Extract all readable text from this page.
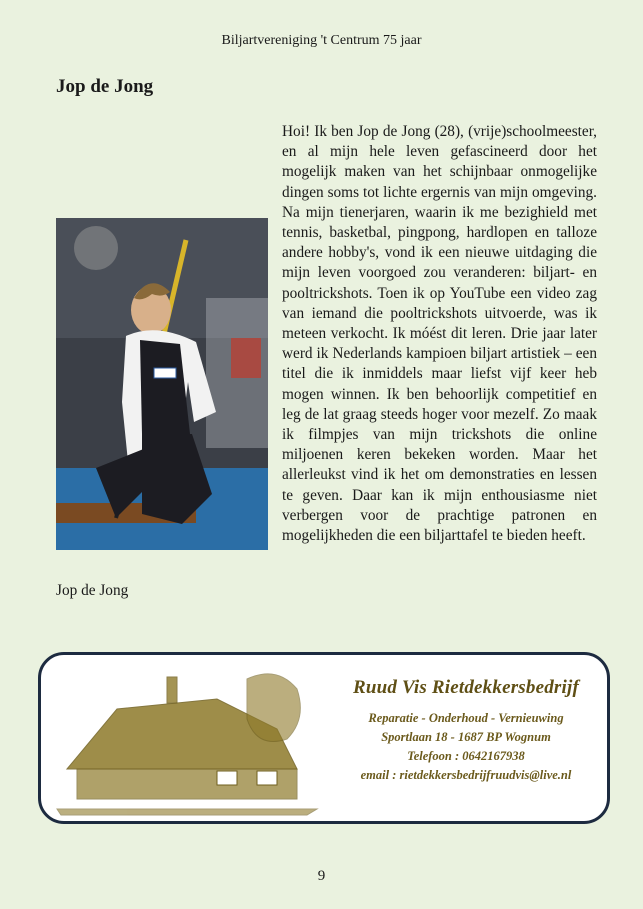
Biljartvereniging 't Centrum 75 jaar
Jop de Jong
Hoi! Ik ben Jop de Jong (28), (vrije)schoolmeester, en al mijn hele leven gefascineerd door het mogelijk maken van het schijnbaar onmogelijke dingen soms tot lichte ergernis van mijn omgeving. Na mijn tienerjaren, waarin ik me bezighield met tennis, basketbal, pingpong, hardlopen en talloze andere hobby's, vond ik een nieuwe uitdaging die mijn leven voorgoed zou veranderen: biljart- en pooltrickshots. Toen ik op YouTube een video zag van iemand die pooltrickshots uitvoerde, was ik meteen verkocht. Ik móést dit leren. Drie jaar later werd ik Nederlands kampioen biljart artistiek – een titel die ik inmiddels maar liefst vijf keer heb mogen winnen. Ik ben behoorlijk competitief en leg de lat graag steeds hoger voor mezelf. Zo maak ik filmpjes van mijn trickshots die online miljoenen keren bekeken worden. Maar het allerleukst vind ik het om demonstraties en lessen te geven. Daar kan ik mijn enthousiasme niet verbergen voor de prachtige patronen en mogelijkheden die een biljarttafel te bieden heeft.
Jop de Jong
Ruud Vis Rietdekkersbedrijf
Reparatie - Onderhoud - Vernieuwing
Sportlaan 18 - 1687 BP Wognum
Telefoon : 0642167938
email : rietdekkersbedrijfruudvis@live.nl
9
